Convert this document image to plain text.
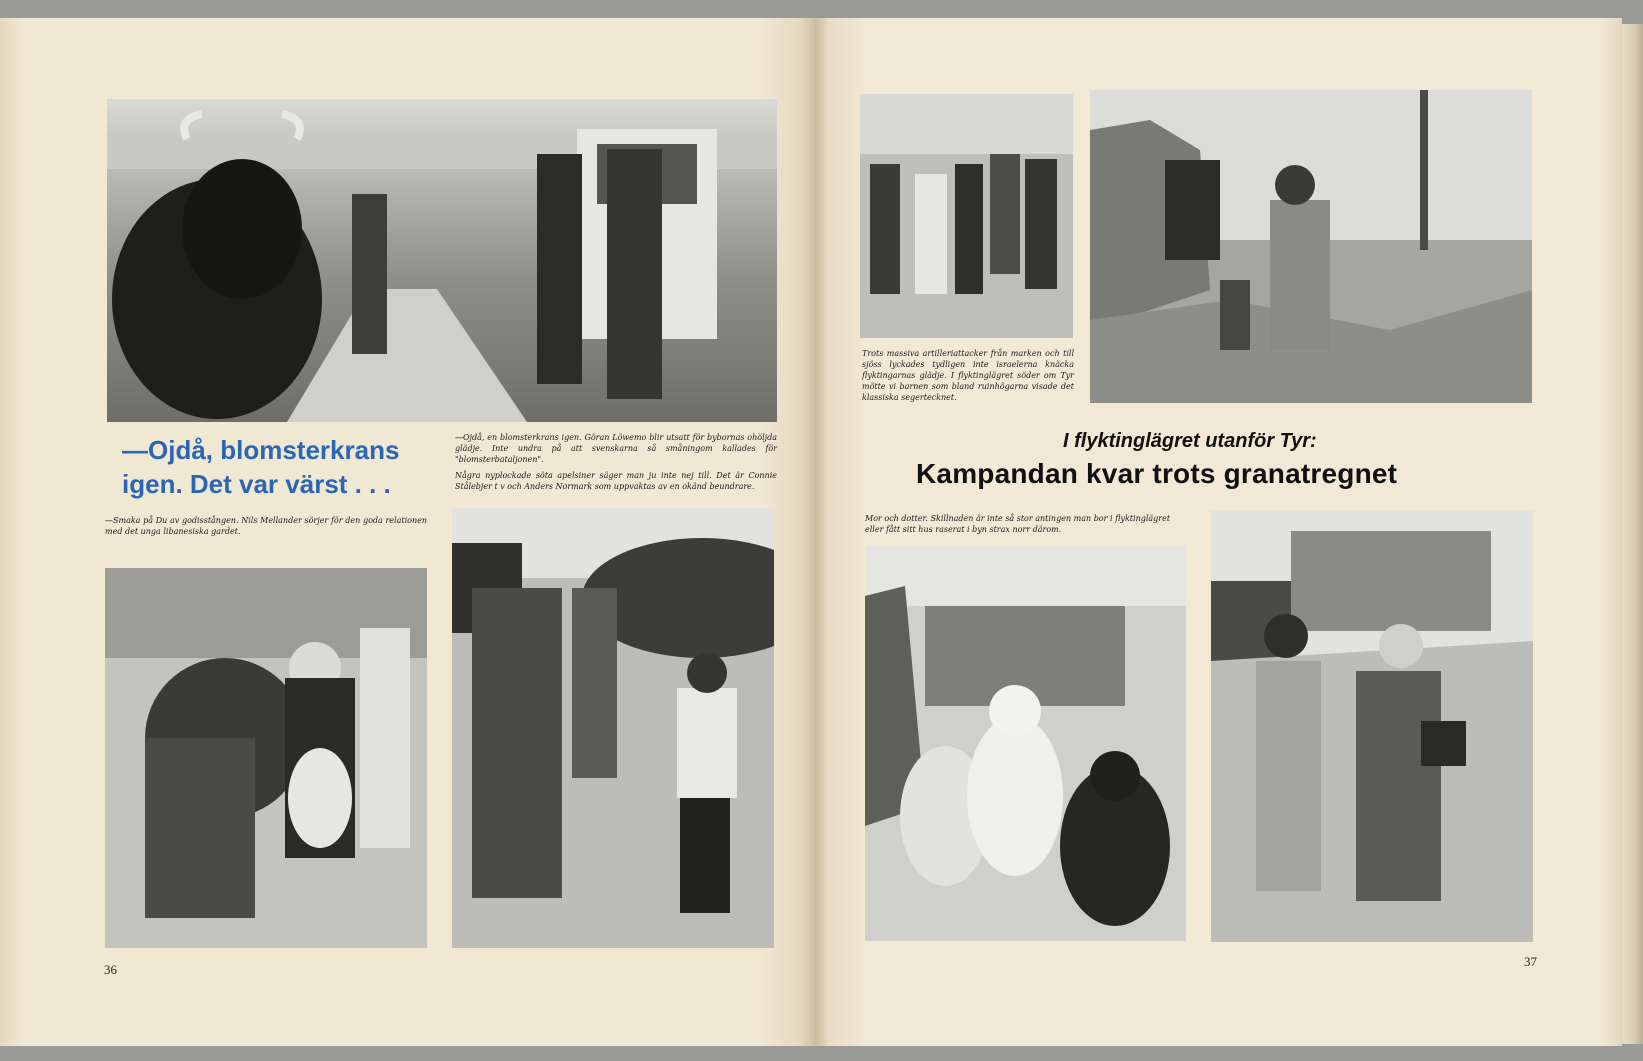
—Ojdå, blomsterkrans igen. Det var värst . . .

—Smaka på Du av godisstången. Nils Mellander sörjer för den goda relationen med det unga libanesiska gardet.

—Ojdå, en blomsterkrans igen. Göran Löwemo blir utsatt för bybornas ohöljda glädje. Inte undra på att svenskarna så småningom kallades för "blomsterbataljonen".

Några nyplockade söta apelsiner säger man ju inte nej till. Det är Connie Stålebjer t v och Anders Normark som uppvaktas av en okänd beundrare.

36

Trots massiva artilleriattacker från marken och till sjöss lyckades tydligen inte israelerna knäcka flyktingarnas glädje. I flyktinglägret söder om Tyr mötte vi barnen som bland ruinhögarna visade det klassiska segertecknet.

I flyktinglägret utanför Tyr:
Kampandan kvar trots granatregnet

Mor och dotter. Skillnaden är inte så stor antingen man bor i flyktinglägret eller fått sitt hus raserat i byn strax norr därom.

37
